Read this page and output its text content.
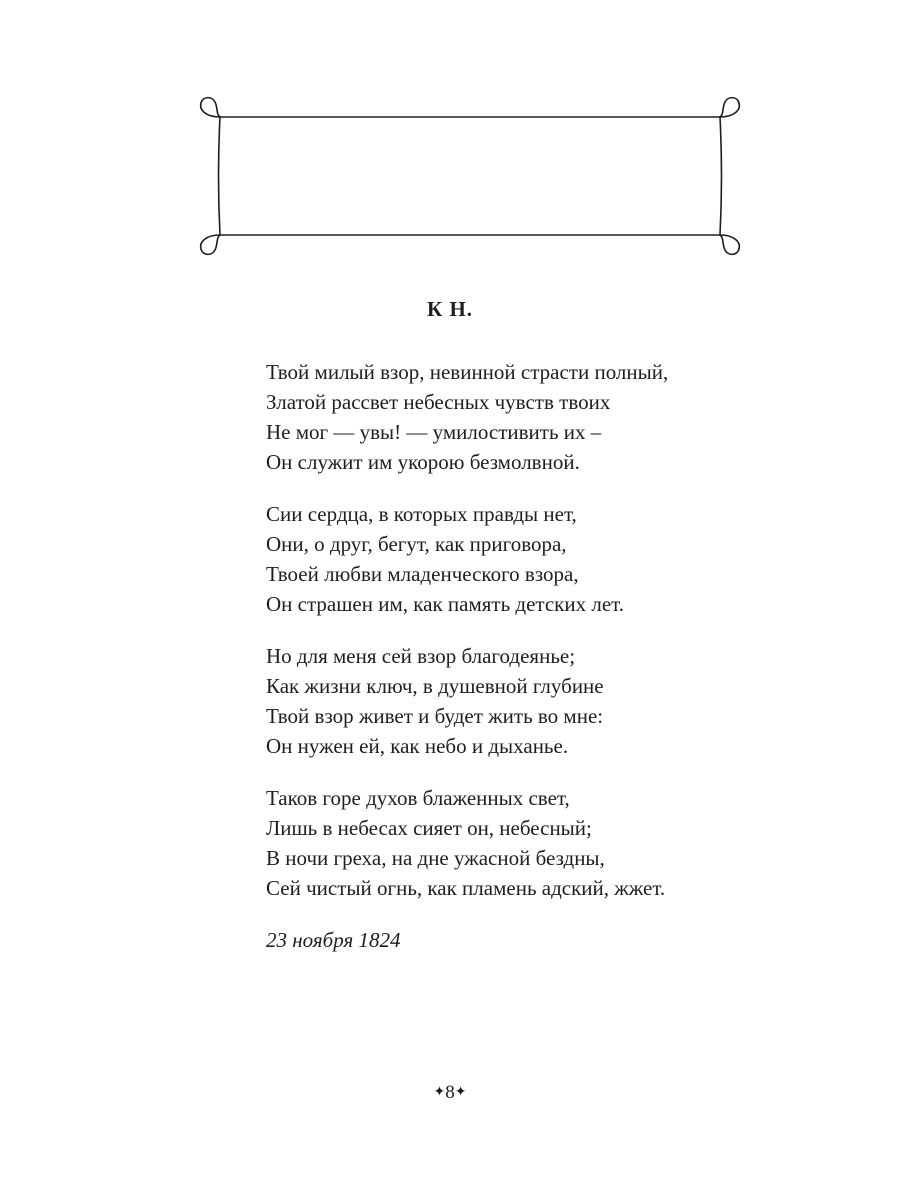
К Н.
Твой милый взор, невинной страсти полный,
Златой рассвет небесных чувств твоих
Не мог — увы! — умилостивить их –
Он служит им укорою безмолвной.
Сии сердца, в которых правды нет,
Они, о друг, бегут, как приговора,
Твоей любви младенческого взора,
Он страшен им, как память детских лет.
Но для меня сей взор благодеянье;
Как жизни ключ, в душевной глубине
Твой взор живет и будет жить во мне:
Он нужен ей, как небо и дыханье.
Таков горе духов блаженных свет,
Лишь в небесах сияет он, небесный;
В ночи греха, на дне ужасной бездны,
Сей чистый огнь, как пламень адский, жжет.
23 ноября 1824
✦8✦
